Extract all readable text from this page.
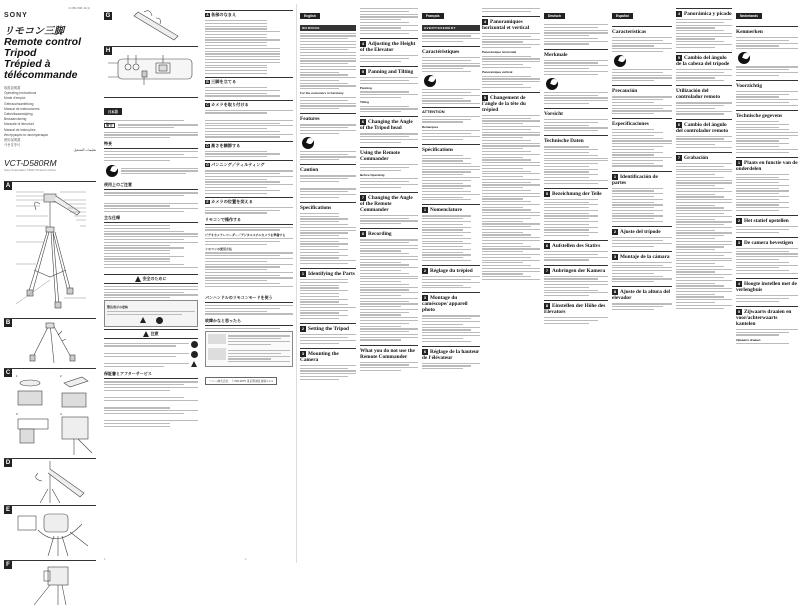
SONY
3-080-808-11(1)
リモコン三脚
Remote control Tripod
Trépied à télécommande
取扱説明書
Operating Instructions
Mode d'emploi
Gebrauchsanleitung
Manual de instrucciones
Gebruiksaanwijzing
Bruksanvisning
Manuale di istruzioni
Manual de instruções
Инструкция по эксплуатации
使用說明書
사용설명서
تعليمات التشغيل
VCT-D580RM
Sony Corporation ©2007 Printed in China
A
B
C	1	2
3	4
D
E
F
G
H
日本語
警告
特長
使用上のご注意
主な仕様
安全のために
警告表示の意味
注意
保証書とアフターサービス
1
A 各部のなまえ
B 三脚を立てる
C カメラを取り付ける
D 高さを調節する
G パンニング／ティルティング
E カメラの位置を変える
リモコンで操作する
ビデオカメラレコーダー／デジタルスチルカメラを準備する
リモコンの使用方法
パンハンドルのリモコンモードを使う
故障かなと思ったら
ソニー株式会社　〒108-0075 東京都港区港南1-7-1
2
English
WARNING
For the customers in Germany
Features
Caution
Specifications
1 Identifying the Parts
2 Setting the Tripod
3 Mounting the Camera
4 Adjusting the Height of the Elevator
5 Panning and Tilting
Panning
Tilting
6 Changing the Angle of the Tripod head
Using the Remote Commander
Before Operating
7 Changing the Angle of the Remote Commander
8 Recording
What you do not use the Remote Commander
Français
AVERTISSEMENT
Caractéristiques
ATTENTION
Remarques
Spécifications
1 Nomenclature
2 Réglage du trépied
3 Montage du caméscope/ appareil photo
6 Réglage de la hauteur de l'élévateur
4 Panoramiques horizontal et vertical
Panoramique horizontal
Panoramique vertical
5 Changement de l'angle de la tête du trépied
Deutsch
Merkmale
Vorsicht
Technische Daten
5 Bezeichnung der Teile
6 Aufstellen des Stativs
7 Anbringen der Kamera
8 Einstellen der Höhe des Elevators
Español
Características
Precaución
Especificaciones
1 Identificación de partes
2 Ajuste del trípode
3 Montaje de la cámara
8 Ajuste de la altura del elevador
4 Panorámica y picado
5 Cambio del ángulo de la cabeza del trípode
Utilización del controlador remoto
6 Cambio del ángulo del controlador remoto
7 Grabación
Nederlands
Kenmerken
Voorzichtig
Technische gegevens
1 Plaats en functie van de onderdelen
2 Het statief opstellen
3 De camera bevestigen
4 Hoogte instellen met de verlengbuis
5 Zijwaarts draaien en voor/achterwaarts kantelen
Zijwaarts draaien
